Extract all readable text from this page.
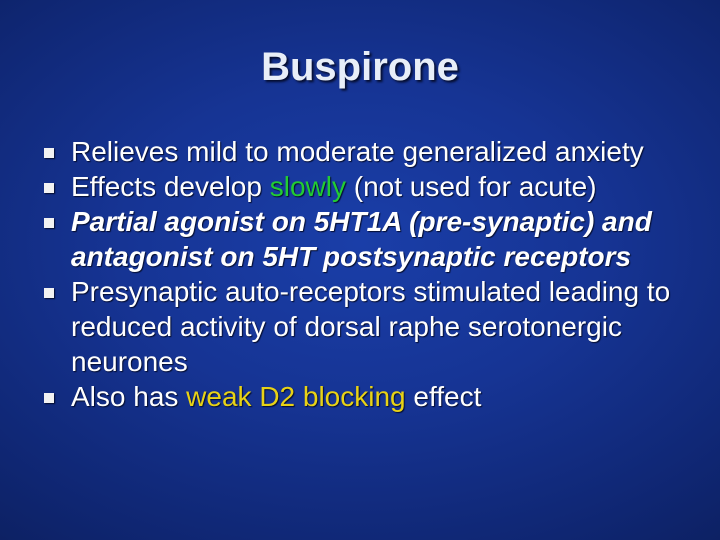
Buspirone
Relieves mild to moderate generalized anxiety
Effects develop slowly (not used for acute)
Partial agonist on 5HT1A (pre-synaptic) and antagonist on 5HT postsynaptic receptors
Presynaptic auto-receptors stimulated leading to reduced activity of dorsal raphe serotonergic neurones
Also has weak D2 blocking effect
